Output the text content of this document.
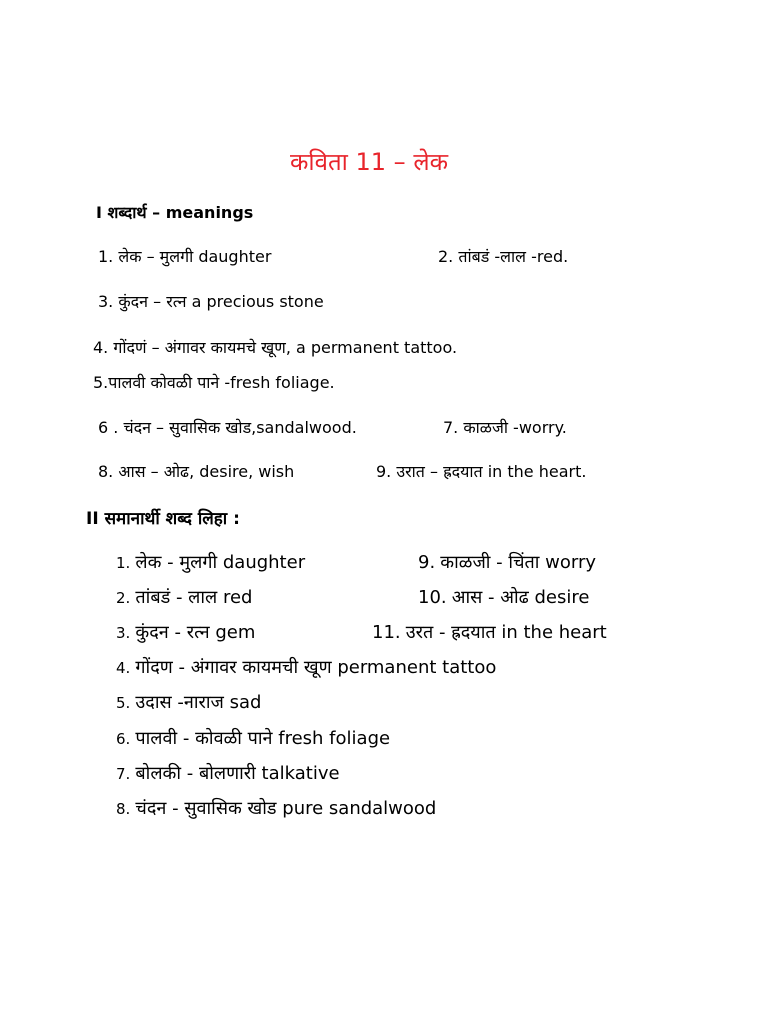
कविता 11 – लेक
I शब्दार्थ – meanings
1. लेक – मुलगी daughter	2. तांबडं -लाल -red.
3. कुंदन – रत्न a precious stone
4. गोंदणं – अंगावर कायमचे खूण, a permanent tattoo.
5.पालवी कोवळी पाने -fresh foliage.
6 . चंदन – सुवासिक खोड,sandalwood.	7. काळजी -worry.
8. आस – ओढ, desire, wish	9. उरात – ह्रदयात in the heart.
II समानार्थी शब्द लिहा :
1. लेक - मुलगी daughter	9. काळजी - चिंता worry
2. तांबडं - लाल red	10. आस - ओढ desire
3. कुंदन - रत्न gem	11. उरत - ह्रदयात in the heart
4. गोंदण - अंगावर कायमची खूण permanent tattoo
5. उदास -नाराज sad
6. पालवी - कोवळी पाने fresh foliage
7. बोलकी - बोलणारी talkative
8. चंदन - सुवासिक खोड pure sandalwood
